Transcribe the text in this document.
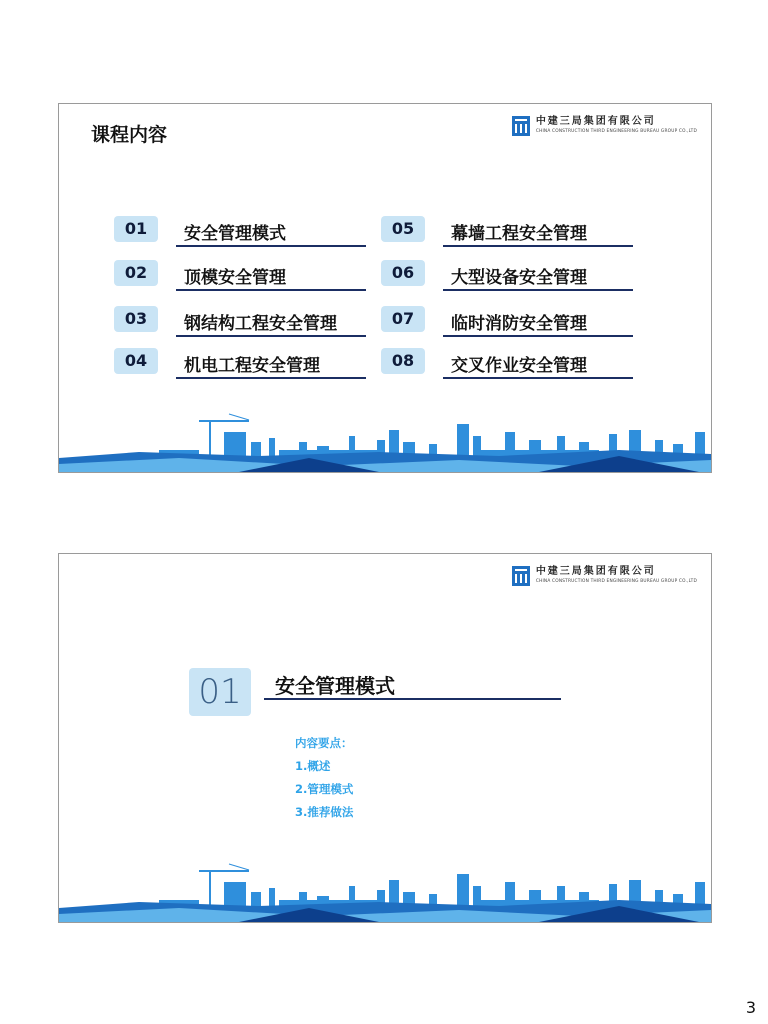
课程内容
中建三局集团有限公司
CHINA CONSTRUCTION THIRD ENGINEERING BUREAU GROUP CO.,LTD
01	安全管理模式
02	顶模安全管理
03	钢结构工程安全管理
04	机电工程安全管理
05	幕墙工程安全管理
06	大型设备安全管理
07	临时消防安全管理
08	交叉作业安全管理
中建三局集团有限公司
CHINA CONSTRUCTION THIRD ENGINEERING BUREAU GROUP CO.,LTD
01	安全管理模式
内容要点：
1.概述
2.管理模式
3.推荐做法
3
